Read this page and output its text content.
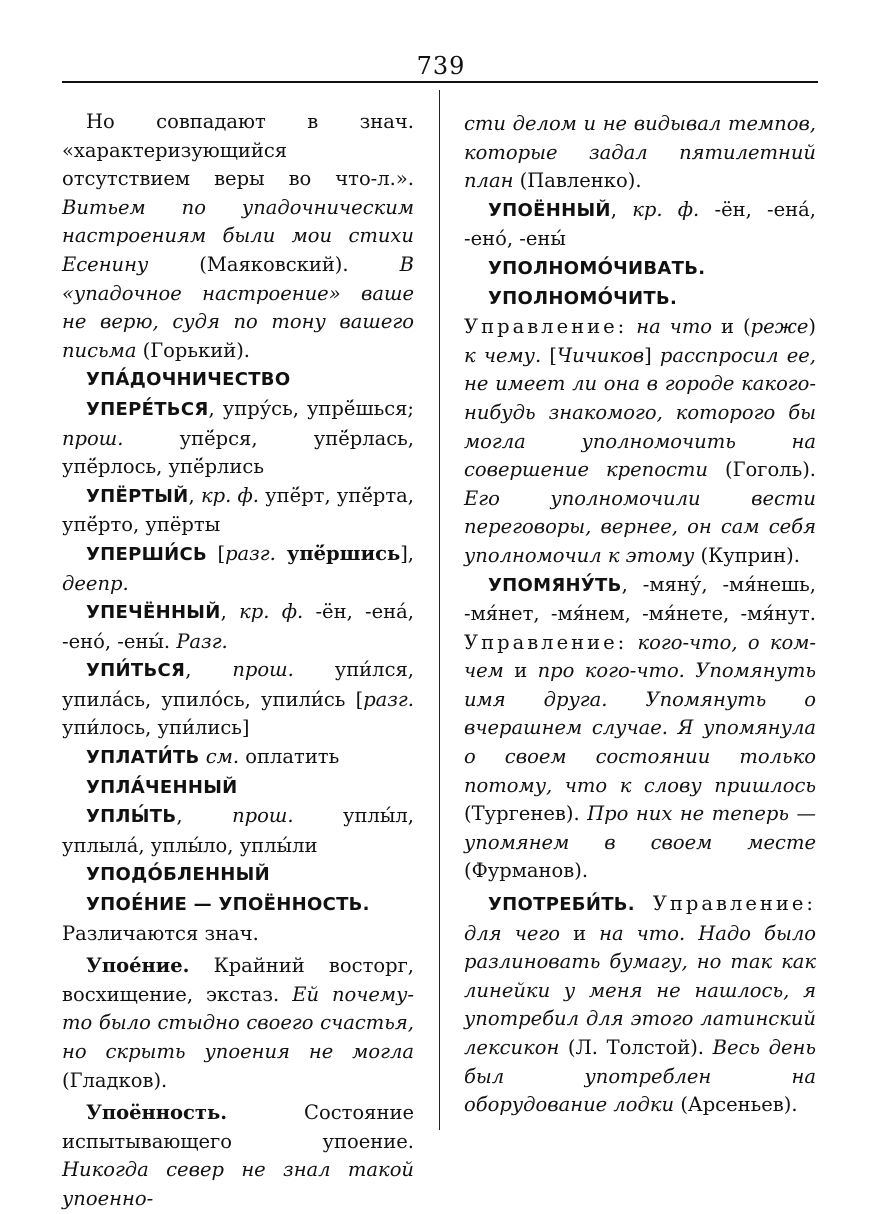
739

Но совпадают в знач. «характеризующийся отсутствием веры во что-л.». Витьем по упадочническим настроениям были мои стихи Есенину (Маяковский). В «упадочное настроение» ваше не верю, судя по тону вашего письма (Горький).

УПА́ДОЧНИЧЕСТВО

УПЕРЕ́ТЬСЯ, упру́сь, упрё́шься; прош. упё́рся, упё́рлась, упё́рлось, упё́рлись

УПЁРТЫЙ, кр. ф. упё́рт, упё́рта, упё́рто, упёрты

УПЕРШИ́СЬ [разг. упё́ршись], деепр.

УПЕЧЁННЫЙ, кр. ф. -ён, -ена́, -ено́, -ены́. Разг.

УПИ́ТЬСЯ, прош. упи́лся, упила́сь, упило́сь, упили́сь [разг. упи́лось, упи́лись]

УПЛАТИ́ТЬ см. оплатить

УПЛА́ЧЕННЫЙ

УПЛЫ́ТЬ, прош. уплы́л, уплыла́, уплы́ло, уплы́ли

УПОДО́БЛЕННЫЙ

УПОЕ́НИЕ — УПОЁННОСТЬ.

Различаются знач.

Упое́ние. Крайний восторг, восхищение, экстаз. Ей почему-то было стыдно своего счастья, но скрыть упоения не могла (Гладков).

Упоённость. Состояние испытывающего упоение. Никогда север не знал такой упоенно-

сти делом и не видывал темпов, которые задал пятилетний план (Павленко).

УПОЁННЫЙ, кр. ф. -ён, -ена́, -ено́, -ены́

УПОЛНОМО́ЧИВАТЬ.

УПОЛНОМО́ЧИТЬ. Управление: на что и (реже) к чему. [Чичиков] расспросил ее, не имеет ли она в городе какого-нибудь знакомого, которого бы могла уполномочить на совершение крепости (Гоголь). Его уполномочили вести переговоры, вернее, он сам себя уполномочил к этому (Куприн).

УПОМЯНУ́ТЬ, -мяну́, -мя́нешь, -мя́нет, -мя́нем, -мя́нете, -мя́нут. Управление: кого-что, о ком-чем и про кого-что. Упомянуть имя друга. Упомянуть о вчерашнем случае. Я упомянула о своем состоянии только потому, что к слову пришлось (Тургенев). Про них не теперь — упомянем в своем месте (Фурманов).

УПОТРЕБИ́ТЬ. Управление: для чего и на что. Надо было разлиновать бумагу, но так как линейки у меня не нашлось, я употребил для этого латинский лексикон (Л. Толстой). Весь день был употреблен на оборудование лодки (Арсеньев).
